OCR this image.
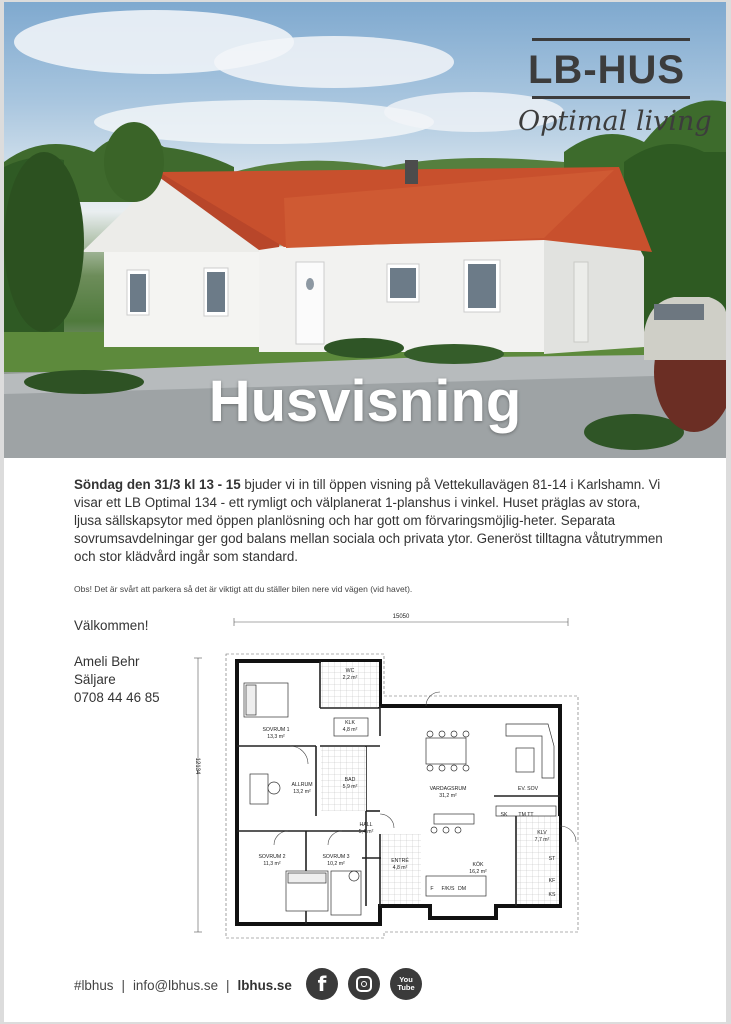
LB-HUS
Optimal living
Husvisning

Söndag den 31/3 kl 13 - 15 bjuder vi in till öppen visning på Vettekullavägen 81-14 i Karlshamn. Vi visar ett LB Optimal 134 - ett rymligt och välplanerat 1-planshus i vinkel. Huset präglas av stora, ljusa sällskapsytor med öppen planlösning och har gott om förvaringsmöjlig-heter. Separata sovrumsavdelningar ger god balans mellan sociala och privata ytor. Generöst tilltagna våtutrymmen och stor klädvård ingår som standard.

Obs! Det är svårt att parkera så det är viktigt att du ställer bilen nere vid vägen (vid havet).
Välkommen!
Ameli Behr
Säljare
0708 44 46 85
15050
12134
SOVRUM 1
13,3 m²
KLK
4,8 m²
WC
2,2 m²
ALLRUM
13,2 m²
BAD
5,9 m²
HALL
5,4 m²
VARDAGSRUM
31,2 m²
EV. SOV
SOVRUM 2
11,3 m²
SOVRUM 3
10,2 m²	ENTRÉ
4,8 m²	KÖK
16,2 m²
KLV
7,7 m²
SK TM TT
ST
F F/K/S DM
KF
KS
#lbhus | info@lbhus.se | lbhus.se f	You
Tube
